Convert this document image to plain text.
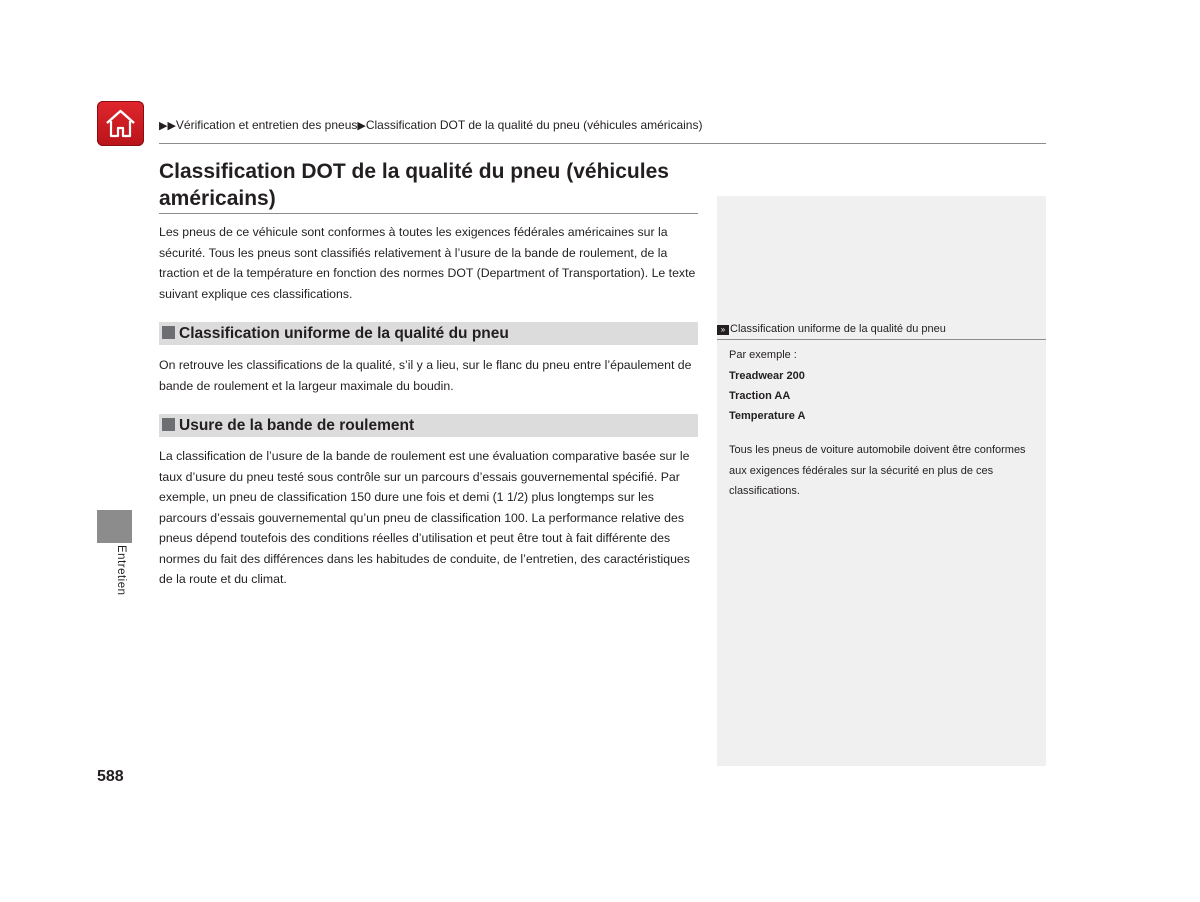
▶▶Vérification et entretien des pneus▶Classification DOT de la qualité du pneu (véhicules américains)
Classification DOT de la qualité du pneu (véhicules américains)

Les pneus de ce véhicule sont conformes à toutes les exigences fédérales américaines sur la sécurité. Tous les pneus sont classifiés relativement à l’usure de la bande de roulement, de la traction et de la température en fonction des normes DOT (Department of Transportation). Le texte suivant explique ces classifications.

Classification uniforme de la qualité du pneu

On retrouve les classifications de la qualité, s’il y a lieu, sur le flanc du pneu entre l’épaulement de bande de roulement et la largeur maximale du boudin.

Usure de la bande de roulement

La classification de l’usure de la bande de roulement est une évaluation comparative basée sur le taux d’usure du pneu testé sous contrôle sur un parcours d’essais gouvernemental spécifié. Par exemple, un pneu de classification 150 dure une fois et demi (1 1/2) plus longtemps sur les parcours d’essais gouvernemental qu’un pneu de classification 100. La performance relative des pneus dépend toutefois des conditions réelles d’utilisation et peut être tout à fait différente des normes du fait des différences dans les habitudes de conduite, de l’entretien, des caractéristiques de la route et du climat.

» Classification uniforme de la qualité du pneu
Par exemple :
Treadwear 200
Traction AA
Temperature A
Tous les pneus de voiture automobile doivent être conformes aux exigences fédérales sur la sécurité en plus de ces classifications.
Entretien
588
